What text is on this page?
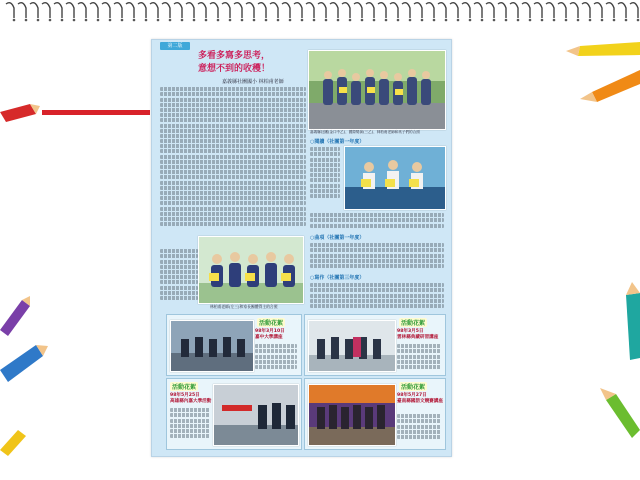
第二版
多看多寫多思考，
意想不到的收穫！
嘉義縣社團國小 林柏甫老師
嘉義縣社團(金口中乙)、國際獎演(三乙)、林柏甫老師和孩子們的合照
○閱讀（社團第一年度）
○曲項（社團第一年度）
○寫作（社團第三年度）
林柏甫老師(左三)和家長團體得主的合照
活動花絮
98年3月10日
嘉中大學講座
活動花絮
98年3月5日
雲林縣典藏研習講座
活動花絮
98年5月25日
高雄縣內嘉大學活動
活動花絮
98年5月27日
臺南縣國語文競賽講座
